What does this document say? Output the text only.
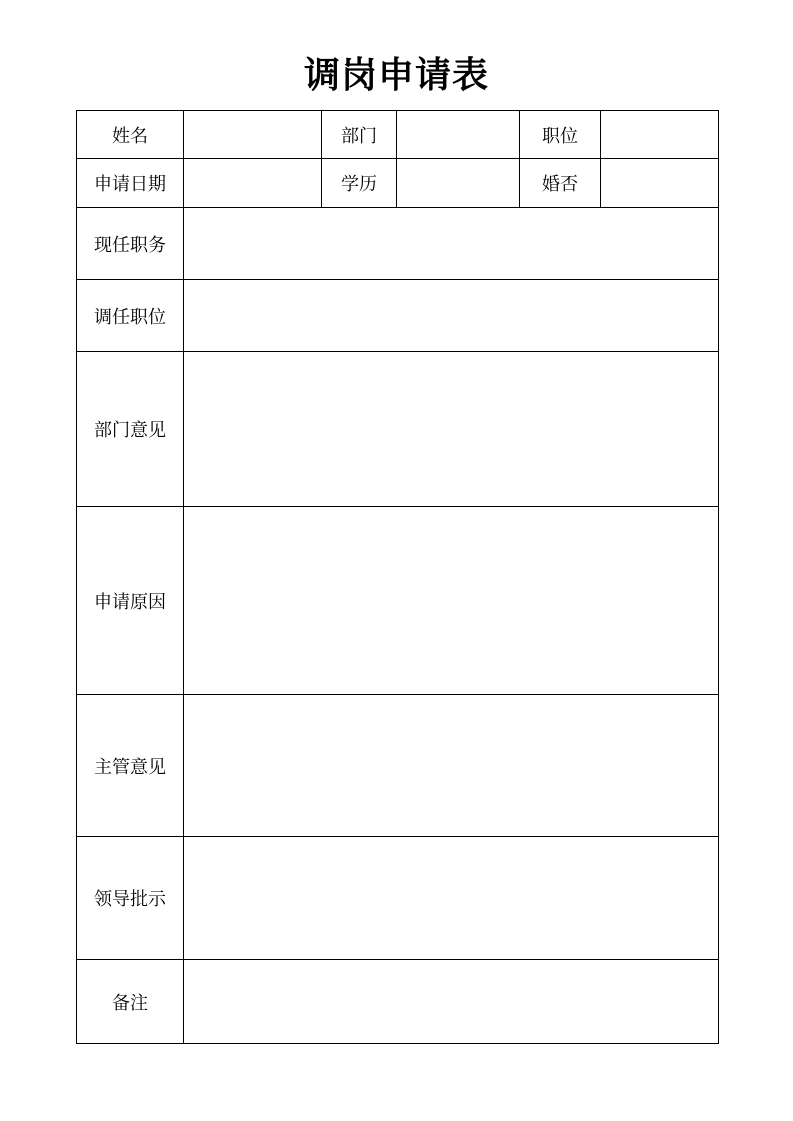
调岗申请表
姓名		部门		职位	
申请日期		学历		婚否	
现任职务					
调任职位					
部门意见					
申请原因					
主管意见					
领导批示					
备注					
